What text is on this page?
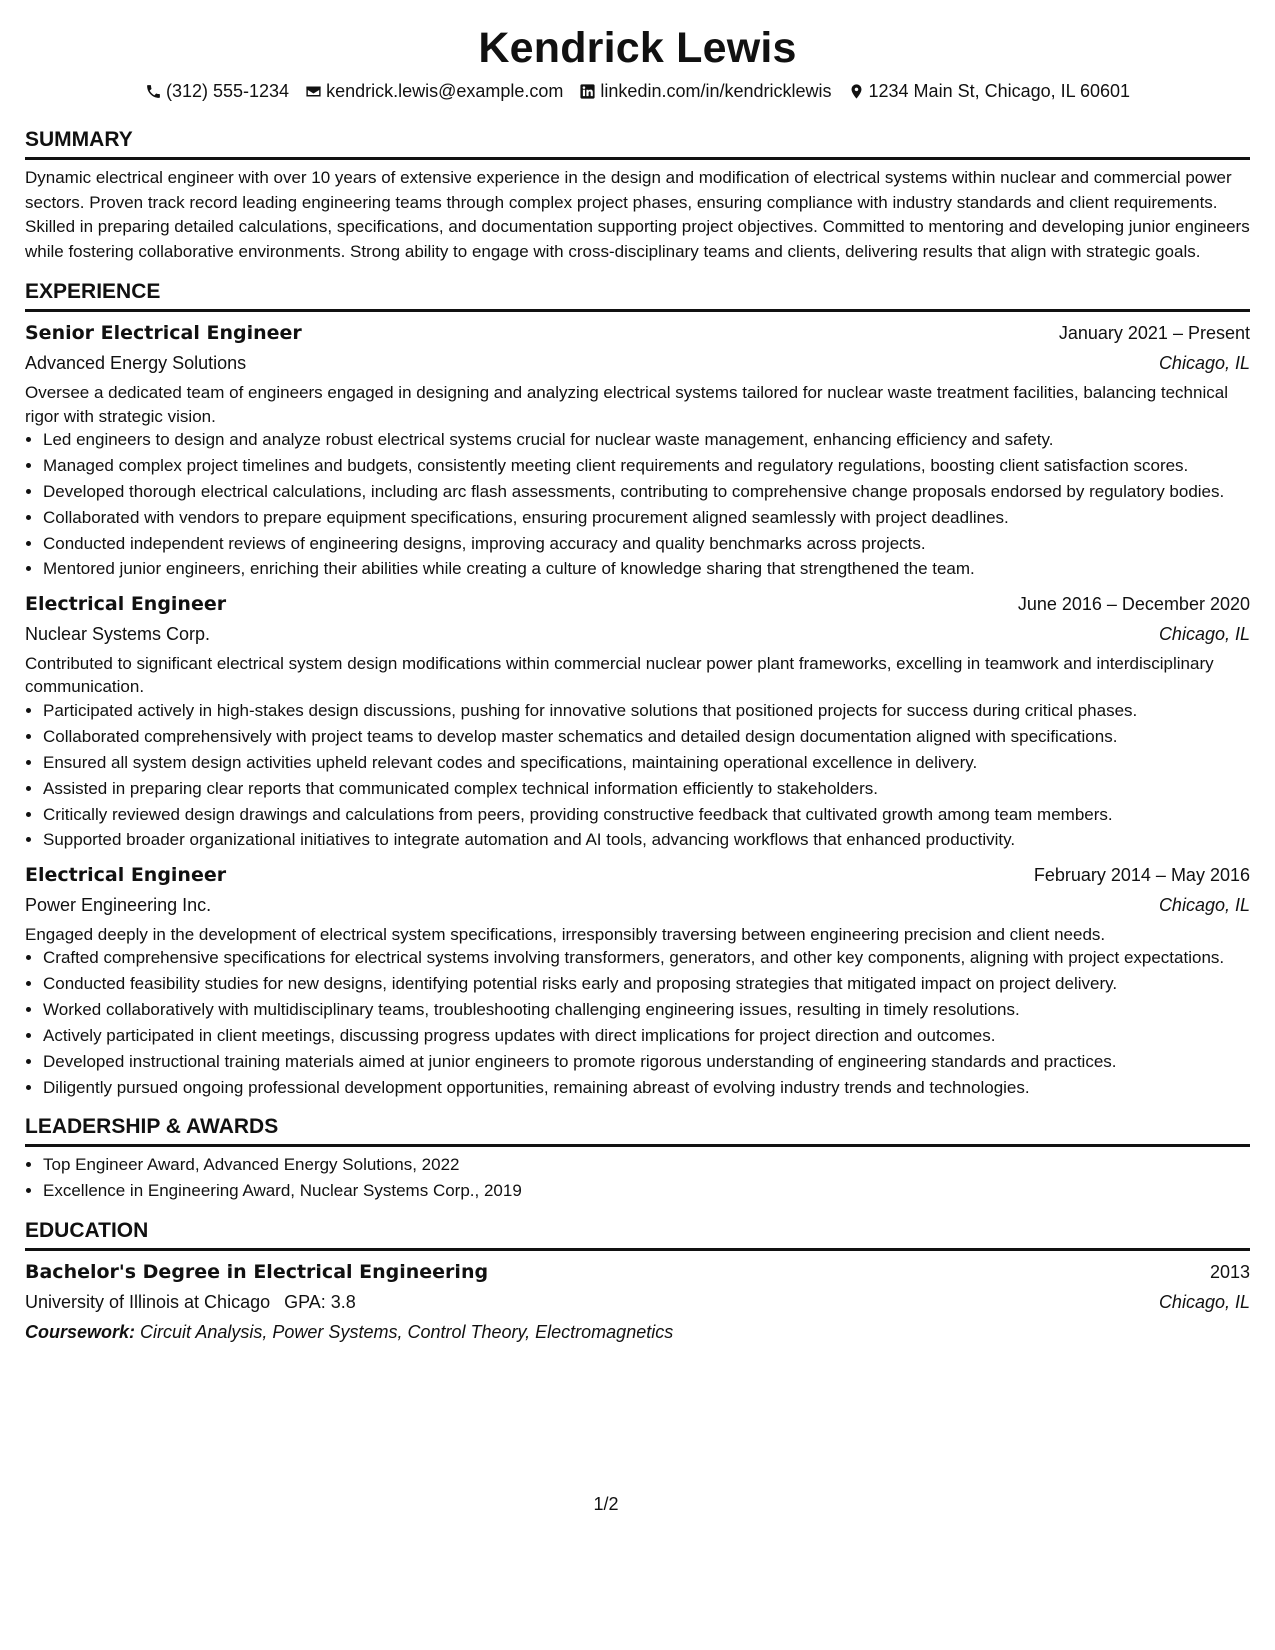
Kendrick Lewis
(312) 555-1234 kendrick.lewis@example.com linkedin.com/in/kendricklewis 1234 Main St, Chicago, IL 60601
SUMMARY

Dynamic electrical engineer with over 10 years of extensive experience in the design and modification of electrical systems within nuclear and commercial power sectors. Proven track record leading engineering teams through complex project phases, ensuring compliance with industry standards and client requirements. Skilled in preparing detailed calculations, specifications, and documentation supporting project objectives. Committed to mentoring and developing junior engineers while fostering collaborative environments. Strong ability to engage with cross-disciplinary teams and clients, delivering results that align with strategic goals.

EXPERIENCE
Senior Electrical Engineer	January 2021 – Present
Advanced Energy Solutions	Chicago, IL

Oversee a dedicated team of engineers engaged in designing and analyzing electrical systems tailored for nuclear waste treatment facilities, balancing technical rigor with strategic vision.

• Led engineers to design and analyze robust electrical systems crucial for nuclear waste management, enhancing efficiency and safety.
• Managed complex project timelines and budgets, consistently meeting client requirements and regulatory regulations, boosting client satisfaction scores.
• Developed thorough electrical calculations, including arc flash assessments, contributing to comprehensive change proposals endorsed by regulatory bodies.
• Collaborated with vendors to prepare equipment specifications, ensuring procurement aligned seamlessly with project deadlines.
• Conducted independent reviews of engineering designs, improving accuracy and quality benchmarks across projects.
• Mentored junior engineers, enriching their abilities while creating a culture of knowledge sharing that strengthened the team.
Electrical Engineer	June 2016 – December 2020
Nuclear Systems Corp.	Chicago, IL

Contributed to significant electrical system design modifications within commercial nuclear power plant frameworks, excelling in teamwork and interdisciplinary communication.

• Participated actively in high-stakes design discussions, pushing for innovative solutions that positioned projects for success during critical phases.
• Collaborated comprehensively with project teams to develop master schematics and detailed design documentation aligned with specifications.
• Ensured all system design activities upheld relevant codes and specifications, maintaining operational excellence in delivery.
• Assisted in preparing clear reports that communicated complex technical information efficiently to stakeholders.
• Critically reviewed design drawings and calculations from peers, providing constructive feedback that cultivated growth among team members.
• Supported broader organizational initiatives to integrate automation and AI tools, advancing workflows that enhanced productivity.
Electrical Engineer	February 2014 – May 2016
Power Engineering Inc.	Chicago, IL

Engaged deeply in the development of electrical system specifications, irresponsibly traversing between engineering precision and client needs.

• Crafted comprehensive specifications for electrical systems involving transformers, generators, and other key components, aligning with project expectations.
• Conducted feasibility studies for new designs, identifying potential risks early and proposing strategies that mitigated impact on project delivery.
• Worked collaboratively with multidisciplinary teams, troubleshooting challenging engineering issues, resulting in timely resolutions.
• Actively participated in client meetings, discussing progress updates with direct implications for project direction and outcomes.
• Developed instructional training materials aimed at junior engineers to promote rigorous understanding of engineering standards and practices.
• Diligently pursued ongoing professional development opportunities, remaining abreast of evolving industry trends and technologies.
LEADERSHIP & AWARDS
• Top Engineer Award, Advanced Energy Solutions, 2022
• Excellence in Engineering Award, Nuclear Systems Corp., 2019
EDUCATION
Bachelor's Degree in Electrical Engineering	2013
University of Illinois at Chicago GPA: 3.8	Chicago, IL
Coursework: Circuit Analysis, Power Systems, Control Theory, Electromagnetics
1/2
